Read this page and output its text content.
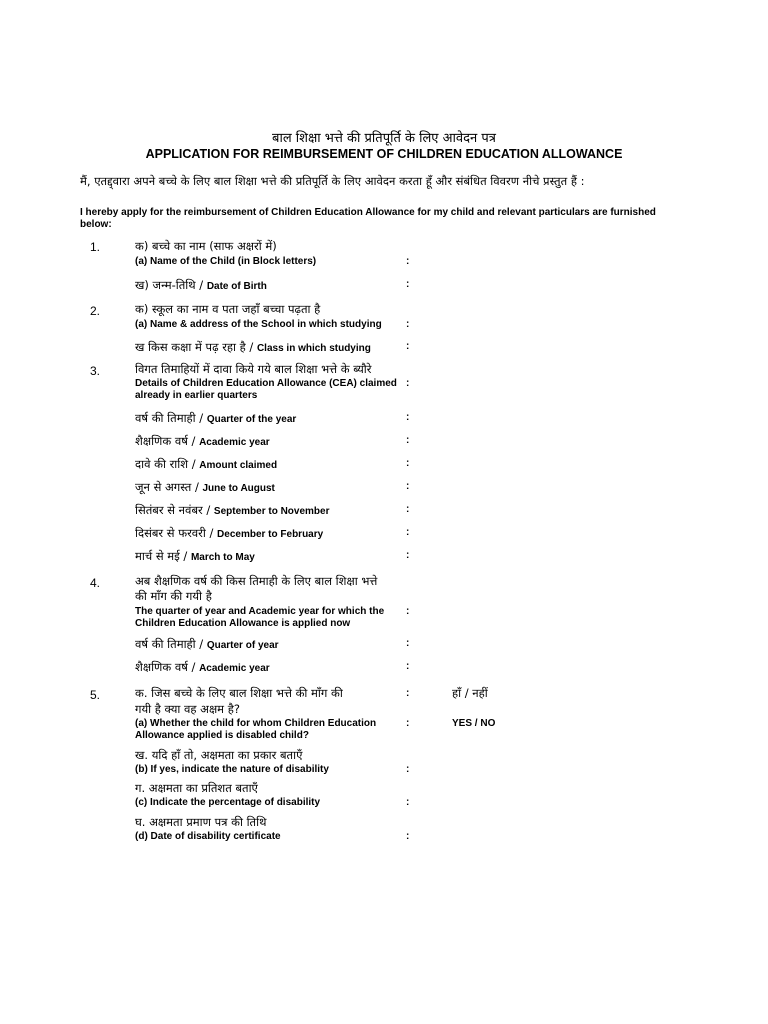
बाल शिक्षा भत्ते की प्रतिपूर्ति के लिए आवेदन पत्र
APPLICATION FOR REIMBURSEMENT OF CHILDREN EDUCATION ALLOWANCE
मैं, एतद्द्वारा अपने बच्चे के लिए बाल शिक्षा भत्ते की प्रतिपूर्ति के लिए आवेदन करता हूँ और संबंधित विवरण नीचे प्रस्तुत हैं :
I hereby apply for the reimbursement of Children Education Allowance for my child and relevant particulars are furnished below:
1.	क) बच्चे का नाम (साफ अक्षरों में)
(a) Name of the Child (in Block letters)	:
ख) जन्म-तिथि / Date of Birth	:
2.	क) स्कूल का नाम व पता जहाँ बच्चा पढ़ता है
(a) Name & address of the School in which studying :
ख किस कक्षा में पढ़ रहा है / Class in which studying	:
3.	विगत तिमाहियों में दावा किये गये बाल शिक्षा भत्ते के ब्यौरे
Details of Children Education Allowance (CEA) claimed :
already in earlier quarters
वर्ष की तिमाही / Quarter of the year	:
शैक्षणिक वर्ष / Academic year	:
दावे की राशि / Amount claimed	:
जून से अगस्त / June to August	:
सितंबर से नवंबर / September to November	:
दिसंबर से फरवरी / December to February	:
मार्च से मई / March to May	:
4.	अब शैक्षणिक वर्ष की किस तिमाही के लिए बाल शिक्षा भत्ते
की माँग की गयी है
The quarter of year and Academic year for which the :
Children Education Allowance is applied now
वर्ष की तिमाही / Quarter of year	:
शैक्षणिक वर्ष / Academic year	:
5.	क. जिस बच्चे के लिए बाल शिक्षा भत्ते की माँग की	:	हाँ / नहीं
गयी है क्या वह अक्षम है?
(a) Whether the child for whom Children Education	:	YES / NO
Allowance applied is disabled child?
ख. यदि हाँ तो, अक्षमता का प्रकार बताएँ
(b) If yes, indicate the nature of disability	:
ग. अक्षमता का प्रतिशत बताएँ
(c) Indicate the percentage of disability	:
घ. अक्षमता प्रमाण पत्र की तिथि
(d) Date of disability certificate	:
